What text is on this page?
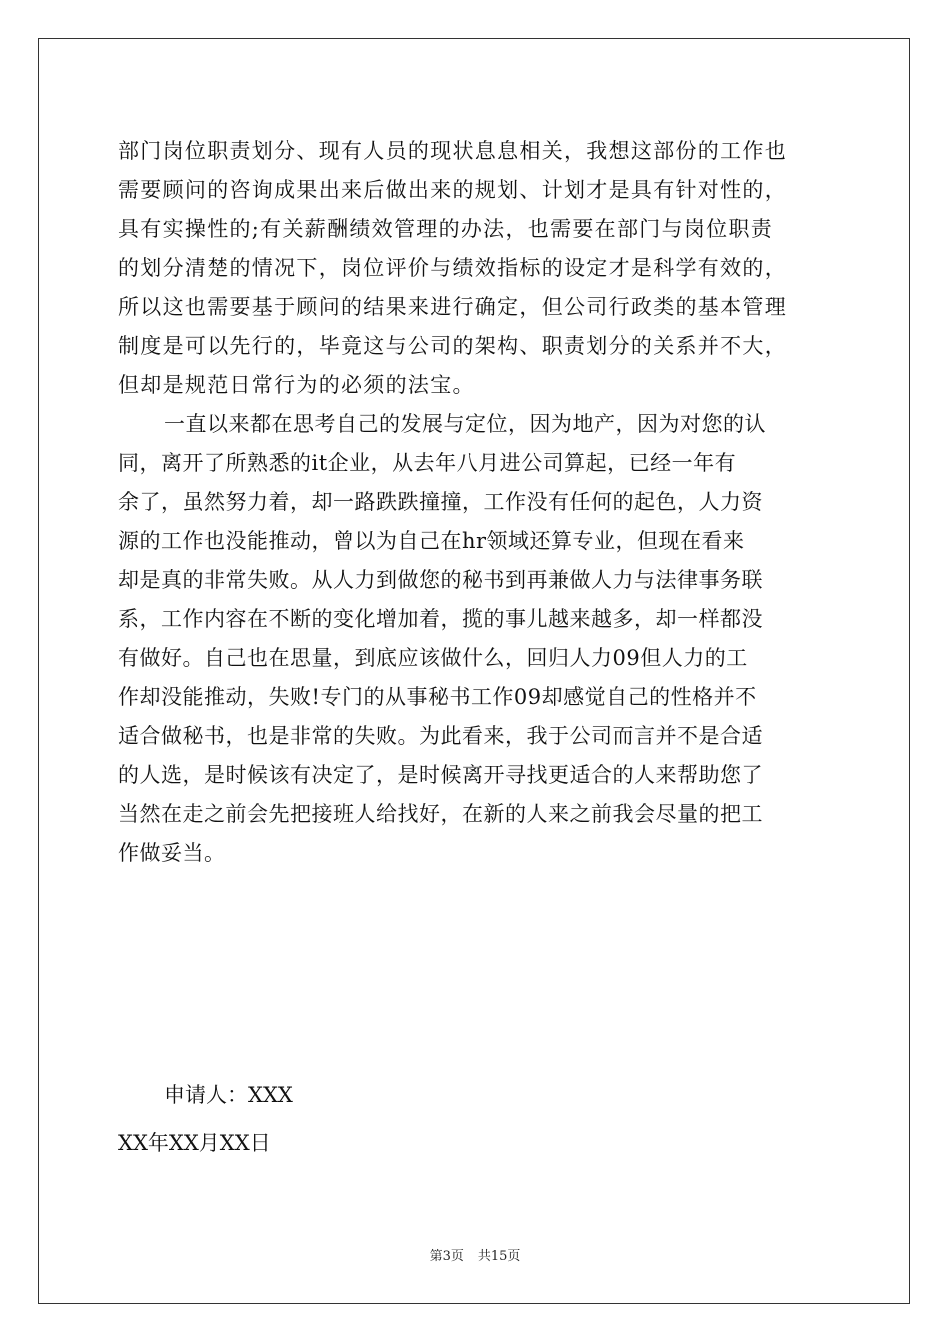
部门岗位职责划分、现有人员的现状息息相关，我想这部份的工作也
需要顾问的咨询成果出来后做出来的规划、计划才是具有针对性的，
具有实操性的;有关薪酬绩效管理的办法，也需要在部门与岗位职责
的划分清楚的情况下，岗位评价与绩效指标的设定才是科学有效的，
所以这也需要基于顾问的结果来进行确定，但公司行政类的基本管理
制度是可以先行的，毕竟这与公司的架构、职责划分的关系并不大，
但却是规范日常行为的必须的法宝。
一直以来都在思考自己的发展与定位，因为地产，因为对您的认
同，离开了所熟悉的it企业，从去年八月进公司算起，已经一年有
余了，虽然努力着，却一路跌跌撞撞，工作没有任何的起色，人力资
源的工作也没能推动，曾以为自己在hr领域还算专业，但现在看来
却是真的非常失败。从人力到做您的秘书到再兼做人力与法律事务联
系，工作内容在不断的变化增加着，揽的事儿越来越多，却一样都没
有做好。自己也在思量，到底应该做什么，回归人力09但人力的工
作却没能推动，失败!专门的从事秘书工作09却感觉自己的性格并不
适合做秘书，也是非常的失败。为此看来，我于公司而言并不是合适
的人选，是时候该有决定了，是时候离开寻找更适合的人来帮助您了
当然在走之前会先把接班人给找好，在新的人来之前我会尽量的把工
作做妥当。
申请人：XXX
XX年XX月XX日
第3页 共15页
